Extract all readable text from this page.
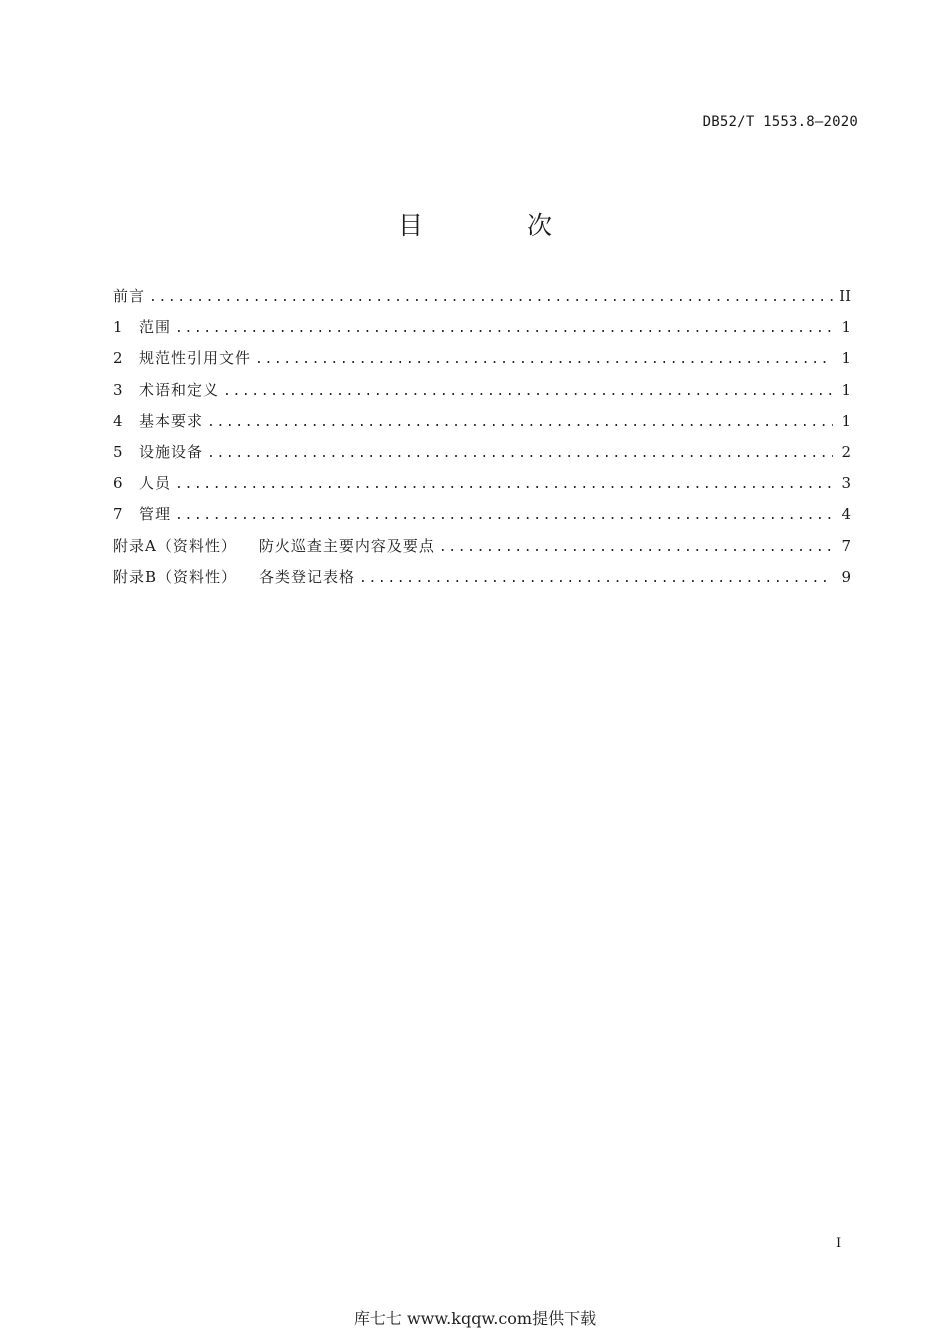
DB52/T 1553.8—2020
目 次
前言 .....	II
1	范围 .....	1
2	规范性引用文件 .....	1
3	术语和定义 .....	1
4	基本要求 .....	1
5	设施设备 .....	2
6	人员 .....	3
7	管理 .....	4
附录A（资料性） 防火巡查主要内容及要点 .....	7
附录B（资料性） 各类登记表格 .....	9
I
库七七 www.kqqw.com提供下载
